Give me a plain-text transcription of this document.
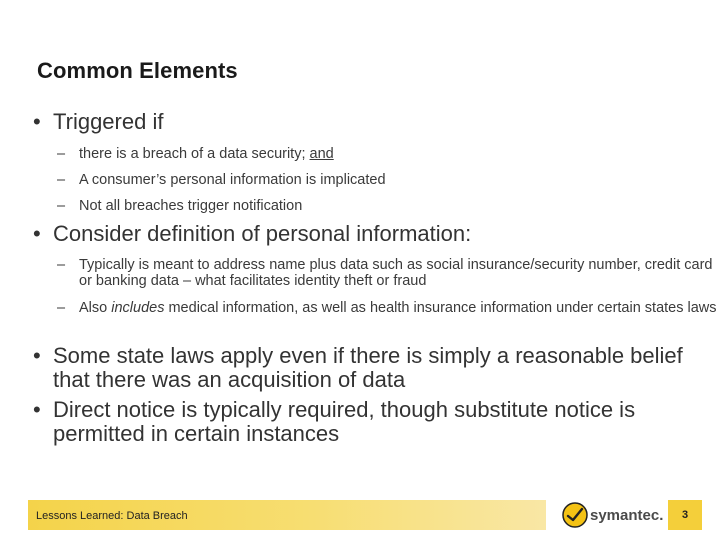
Common Elements
• Triggered if
– there is a breach of a data security; and
– A consumer’s personal information is implicated
– Not all breaches trigger notification
• Consider definition of personal information:
– Typically is meant to address name plus data such as social insurance/security number, credit card or banking data – what facilitates identity theft or fraud
– Also includes medical information, as well as health insurance information under certain states laws
• Some state laws apply even if there is simply a reasonable belief that there was an acquisition of data
• Direct notice is typically required, though substitute notice is permitted in certain instances
Lessons Learned: Data Breach	symantec.	3
